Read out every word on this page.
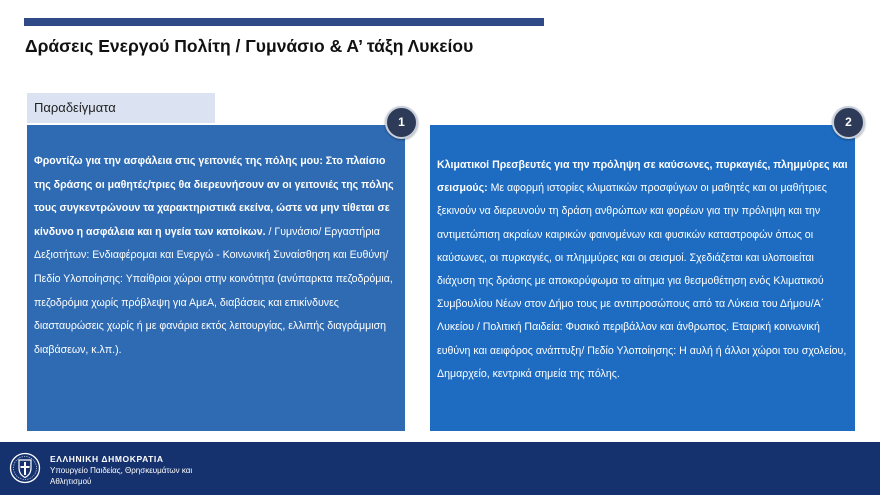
Δράσεις Ενεργού Πολίτη / Γυμνάσιο & Α’ τάξη Λυκείου
Παραδείγματα
Φροντίζω για την ασφάλεια στις γειτονιές της πόλης μου: Στο πλαίσιο της δράσης οι μαθητές/τριες θα διερευνήσουν αν οι γειτονιές της πόλης τους συγκεντρώνουν τα χαρακτηριστικά εκείνα, ώστε να μην τίθεται σε κίνδυνο η ασφάλεια και η υγεία των κατοίκων. / Γυμνάσιο/ Εργαστήρια Δεξιοτήτων: Ενδιαφέρομαι και Ενεργώ - Κοινωνική Συναίσθηση και Ευθύνη/ Πεδίο Υλοποίησης: Υπαίθριοι χώροι στην κοινότητα (ανύπαρκτα πεζοδρόμια, πεζοδρόμια χωρίς πρόβλεψη για ΑμεΑ, διαβάσεις και επικίνδυνες διασταυρώσεις χωρίς ή με φανάρια εκτός λειτουργίας, ελλιπής διαγράμμιση διαβάσεων, κ.λπ.).
Κλιματικοί Πρεσβευτές για την πρόληψη σε καύσωνες, πυρκαγιές, πλημμύρες και σεισμούς: Με αφορμή ιστορίες κλιματικών προσφύγων οι μαθητές και οι μαθήτριες ξεκινούν να διερευνούν τη δράση ανθρώπων και φορέων για την πρόληψη και την αντιμετώπιση ακραίων καιρικών φαινομένων και φυσικών καταστροφών όπως οι καύσωνες, οι πυρκαγιές, οι πλημμύρες και οι σεισμοί. Σχεδιάζεται και υλοποιείται διάχυση της δράσης με αποκορύφωμα το αίτημα για θεσμοθέτηση ενός Κλιματικού Συμβουλίου Νέων στον Δήμο τους με αντιπροσώπους από τα Λύκεια του Δήμου/Α΄ Λυκείου / Πολιτική Παιδεία: Φυσικό περιβάλλον και άνθρωπος. Εταιρική κοινωνική ευθύνη και αειφόρος ανάπτυξη/ Πεδίο Υλοποίησης: Η αυλή ή άλλοι χώροι του σχολείου, Δημαρχείο, κεντρικά σημεία της πόλης.
1	2
ΕΛΛΗΝΙΚΗ ΔΗΜΟΚΡΑΤΙΑ
Υπουργείο Παιδείας, Θρησκευμάτων και Αθλητισμού
